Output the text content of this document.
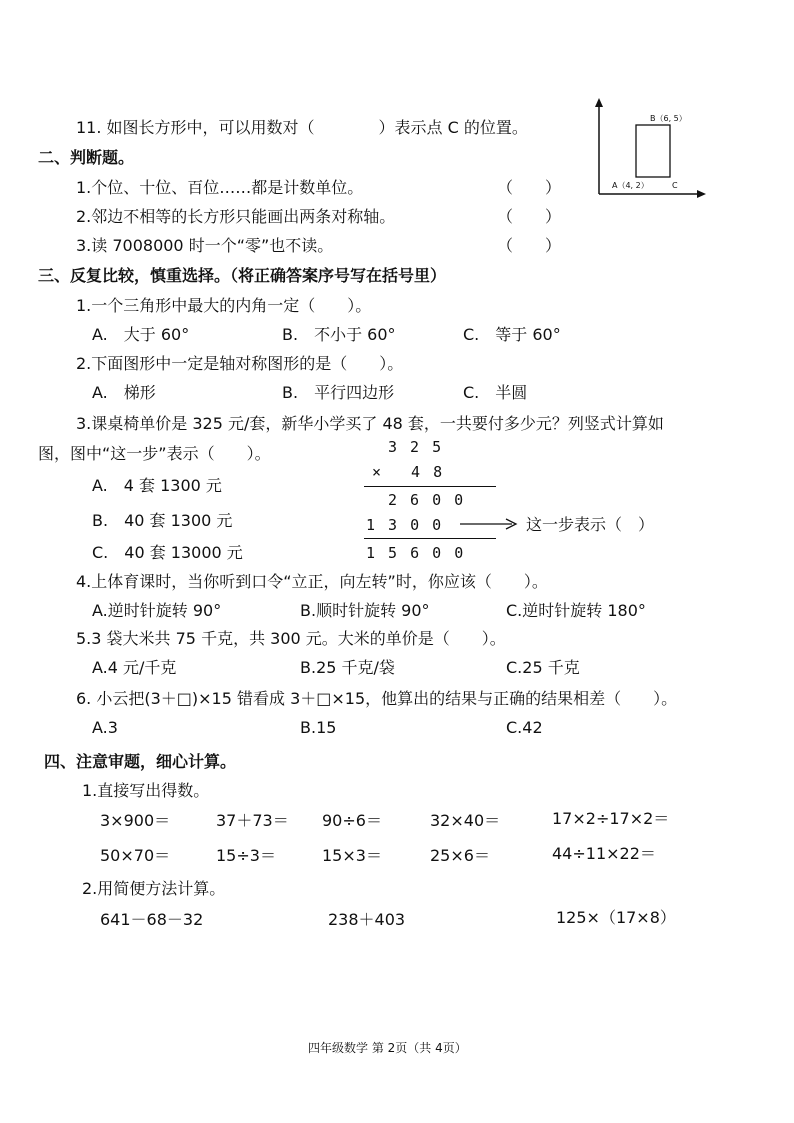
11. 如图长方形中，可以用数对（　　　　）表示点 C 的位置。	B（6, 5）
A（4, 2）	C
二、判断题。
1.个位、十位、百位……都是计数单位。	（　　）
2.邻边不相等的长方形只能画出两条对称轴。	（　　）
3.读 7008000 时一个“零”也不读。	（　　）
三、反复比较，慎重选择。（将正确答案序号写在括号里）
1.一个三角形中最大的内角一定（　　）。
A.　大于 60°	B.　不小于 60°	C.　等于 60°
2.下面图形中一定是轴对称图形的是（　　）。
A.　梯形	B.　平行四边形	C.　半圆
3.课桌椅单价是 325 元/套，新华小学买了 48 套，一共要付多少元？列竖式计算如
图，图中“这一步”表示（　　）。
A.　4 套 1300 元
B.　40 套 1300 元
C.　40 套 13000 元
3 2 5
× 　4 8
2 6 0 0
1 3 0 0	这一步表示（　）
1 5 6 0 0
4.上体育课时，当你听到口令“立正，向左转”时，你应该（　　）。
A.逆时针旋转 90°	B.顺时针旋转 90°	C.逆时针旋转 180°
5.3 袋大米共 75 千克，共 300 元。大米的单价是（　　）。
A.4 元/千克	B.25 千克/袋	C.25 千克
6. 小云把(3＋□)×15 错看成 3＋□×15，他算出的结果与正确的结果相差（　　）。
A.3	B.15	C.42
四、注意审题，细心计算。
1.直接写出得数。
3×900＝	37＋73＝ 90÷6＝	32×40＝	17×2÷17×2＝
50×70＝	15÷3＝	15×3＝	25×6＝	44÷11×22＝
2.用简便方法计算。
641－68－32	238＋403	125×（17×8）
四年级数学 第 2页（共 4页）
